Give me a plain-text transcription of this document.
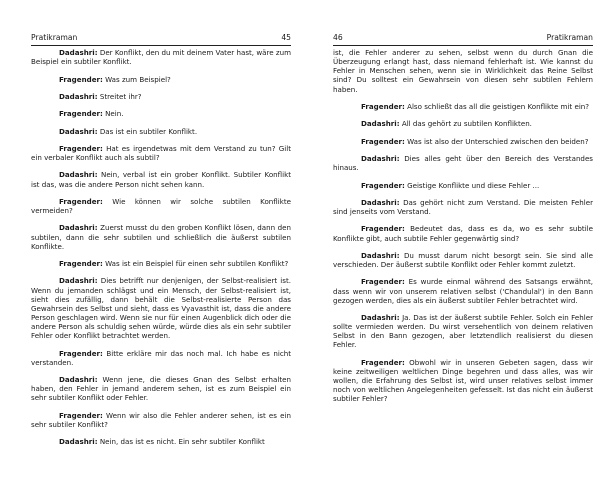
Pratikraman	45

Dadashri: Der Konflikt, den du mit deinem Vater hast, wäre zum Beispiel ein subtiler Konflikt.

Fragender: Was zum Beispiel?

Dadashri: Streitet ihr?

Fragender: Nein.

Dadashri: Das ist ein subtiler Konflikt.

Fragender: Hat es irgendetwas mit dem Verstand zu tun? Gilt ein verbaler Konflikt auch als subtil?

Dadashri: Nein, verbal ist ein grober Konflikt. Subtiler Konflikt ist das, was die andere Person nicht sehen kann.

Fragender: Wie können wir solche subtilen Konflikte vermeiden?

Dadashri: Zuerst musst du den groben Konflikt lösen, dann den subtilen, dann die sehr subtilen und schließlich die äußerst subtilen Konflikte.

Fragender: Was ist ein Beispiel für einen sehr subtilen Konflikt?

Dadashri: Dies betrifft nur denjenigen, der Selbst-realisiert ist. Wenn du jemanden schlägst und ein Mensch, der Selbst-realisiert ist, sieht dies zufällig, dann behält die Selbst-realisierte Person das Gewahrsein des Selbst und sieht, dass es Vyavasthit ist, dass die andere Person geschlagen wird. Wenn sie nur für einen Augenblick dich oder die andere Person als schuldig sehen würde, würde dies als ein sehr subtiler Fehler oder Konflikt betrachtet werden.

Fragender: Bitte erkläre mir das noch mal. Ich habe es nicht verstanden.

Dadashri: Wenn jene, die dieses Gnan des Selbst erhalten haben, den Fehler in jemand anderem sehen, ist es zum Beispiel ein sehr subtiler Konflikt oder Fehler.

Fragender: Wenn wir also die Fehler anderer sehen, ist es ein sehr subtiler Konflikt?

Dadashri: Nein, das ist es nicht. Ein sehr subtiler Konflikt

46	Pratikraman

ist, die Fehler anderer zu sehen, selbst wenn du durch Gnan die Überzeugung erlangt hast, dass niemand fehlerhaft ist. Wie kannst du Fehler in Menschen sehen, wenn sie in Wirklichkeit das Reine Selbst sind? Du solltest ein Gewahrsein von diesen sehr subtilen Fehlern haben.

Fragender: Also schließt das all die geistigen Konflikte mit ein?

Dadashri: All das gehört zu subtilen Konflikten.

Fragender: Was ist also der Unterschied zwischen den beiden?

Dadashri: Dies alles geht über den Bereich des Verstandes hinaus.

Fragender: Geistige Konflikte und diese Fehler ...

Dadashri: Das gehört nicht zum Verstand. Die meisten Fehler sind jenseits vom Verstand.

Fragender: Bedeutet das, dass es da, wo es sehr subtile Konflikte gibt, auch subtile Fehler gegenwärtig sind?

Dadashri: Du musst darum nicht besorgt sein. Sie sind alle verschieden. Der äußerst subtile Konflikt oder Fehler kommt zuletzt.

Fragender: Es wurde einmal während des Satsangs erwähnt, dass wenn wir von unserem relativen selbst ('Chandulal') in den Bann gezogen werden, dies als ein äußerst subtiler Fehler betrachtet wird.

Dadashri: Ja. Das ist der äußerst subtile Fehler. Solch ein Fehler sollte vermieden werden. Du wirst versehentlich von deinem relativen Selbst in den Bann gezogen, aber letztendlich realisierst du diesen Fehler.

Fragender: Obwohl wir in unseren Gebeten sagen, dass wir keine zeitweiligen weltlichen Dinge begehren und dass alles, was wir wollen, die Erfahrung des Selbst ist, wird unser relatives selbst immer noch von weltlichen Angelegenheiten gefesselt. Ist das nicht ein äußerst subtiler Fehler?
